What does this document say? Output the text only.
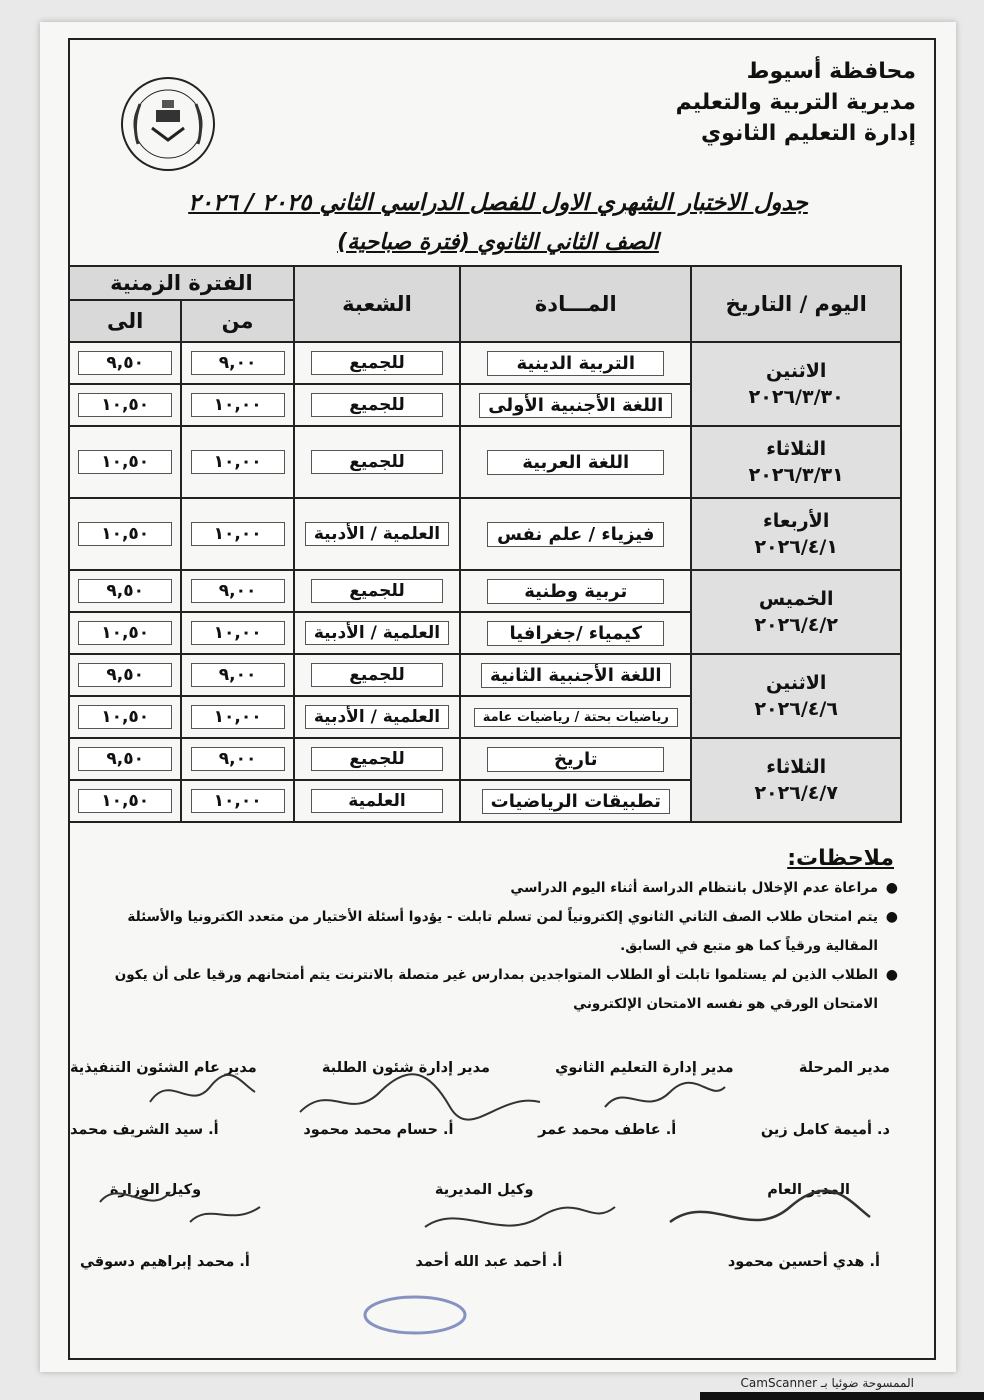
محافظة أسيوط
مديرية التربية والتعليم
إدارة التعليم الثانوي
جدول الاختبار الشهري الاول للفصل الدراسي الثاني ٢٠٢٥ / ٢٠٢٦
الصف الثاني الثانوي (فترة صباحية)
اليوم / التاريخ	المـــادة	الشعبة	الفترة الزمنية	
			من	الى

الاثنين
٢٠٢٦/٣/٣٠	التربية الدينية	للجميع	٩,٠٠	٩,٥٠
	اللغة الأجنبية الأولى	للجميع	١٠,٠٠	١٠,٥٠

الثلاثاء
٢٠٢٦/٣/٣١	اللغة العربية	للجميع	١٠,٠٠	١٠,٥٠

الأربعاء
٢٠٢٦/٤/١	فيزياء / علم نفس	العلمية / الأدبية	١٠,٠٠	١٠,٥٠

الخميس
٢٠٢٦/٤/٢	تربية وطنية	للجميع	٩,٠٠	٩,٥٠
	كيمياء /جغرافيا	العلمية / الأدبية	١٠,٠٠	١٠,٥٠

الاثنين
٢٠٢٦/٤/٦	اللغة الأجنبية الثانية	للجميع	٩,٠٠	٩,٥٠
	رياضيات بحتة / رياضيات عامة	العلمية / الأدبية	١٠,٠٠	١٠,٥٠

الثلاثاء
٢٠٢٦/٤/٧	تاريخ	للجميع	٩,٠٠	٩,٥٠
	تطبيقات الرياضيات	العلمية	١٠,٠٠	١٠,٥٠
ملاحظات:
●
مراعاة عدم الإخلال بانتظام الدراسة أثناء اليوم الدراسي
●
يتم امتحان طلاب الصف الثاني الثانوي إلكترونياً لمن تسلم تابلت - يؤدوا أسئلة الأختيار من متعدد الكترونيا والأسئلة المقالية ورقياً كما هو متبع في السابق.
●
الطلاب الذين لم يستلموا تابلت أو الطلاب المتواجدين بمدارس غير متصلة بالانترنت يتم أمتحانهم ورقيا على أن يكون الامتحان الورقي هو نفسه الامتحان الإلكتروني
مدير المرحلة
مدير إدارة التعليم الثانوي
مدير إدارة شئون الطلبة
مدير عام الشئون التنفيذية
د. أميمة كامل زين
أ. عاطف محمد عمر
أ. حسام محمد محمود
أ. سيد الشريف محمد
المدير العام
وكيل المديرية
وكيل الوزارة
أ. هدي أحسين محمود
أ. أحمد عبد الله أحمد
أ. محمد إبراهيم دسوقي
الممسوحة ضوئيا بـ CamScanner
